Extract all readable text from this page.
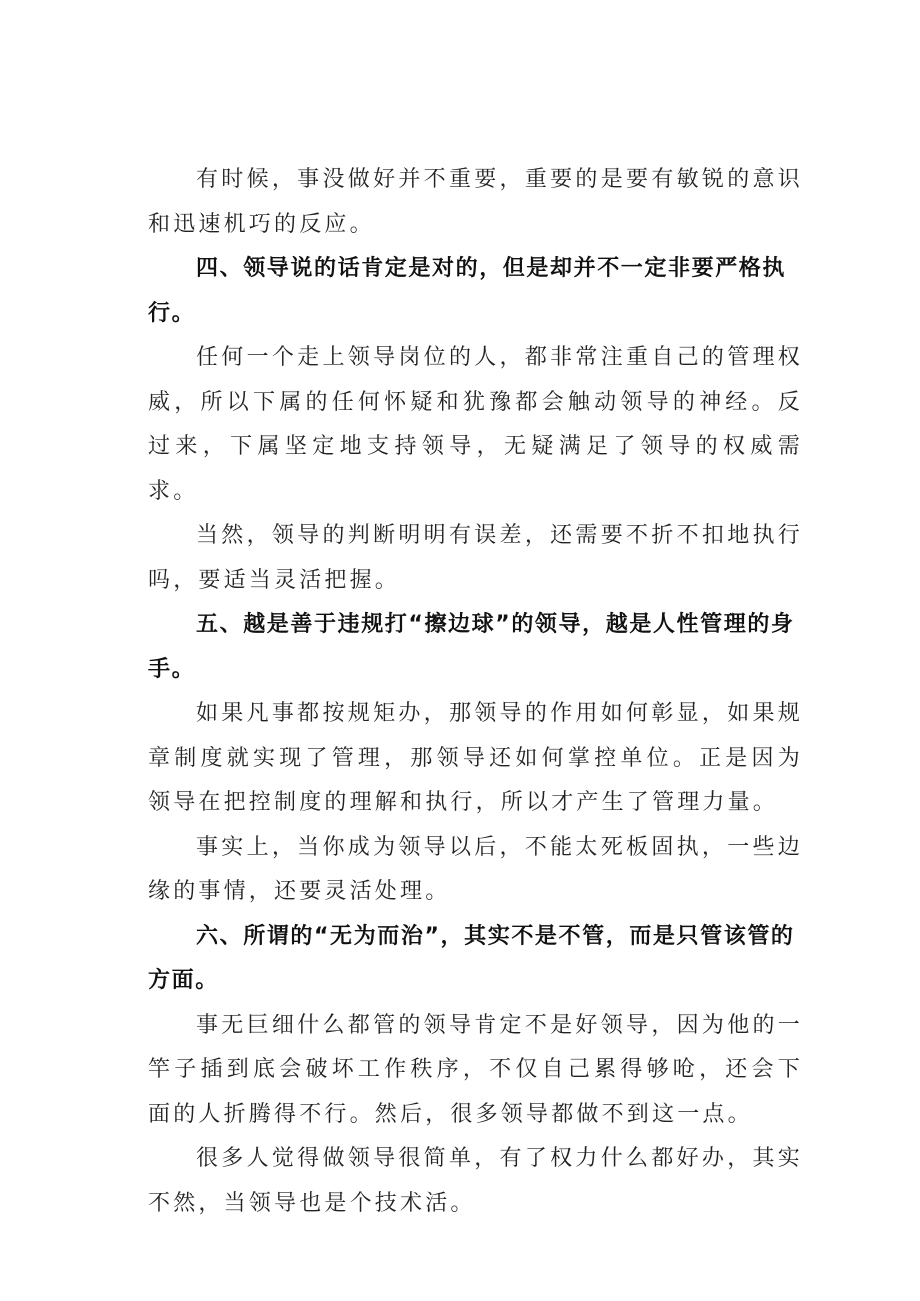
有时候，事没做好并不重要，重要的是要有敏锐的意识和迅速机巧的反应。

四、领导说的话肯定是对的，但是却并不一定非要严格执行。

任何一个走上领导岗位的人，都非常注重自己的管理权威，所以下属的任何怀疑和犹豫都会触动领导的神经。反过来，下属坚定地支持领导，无疑满足了领导的权威需求。

当然，领导的判断明明有误差，还需要不折不扣地执行吗，要适当灵活把握。

五、越是善于违规打“擦边球”的领导，越是人性管理的身手。

如果凡事都按规矩办，那领导的作用如何彰显，如果规章制度就实现了管理，那领导还如何掌控单位。正是因为领导在把控制度的理解和执行，所以才产生了管理力量。

事实上，当你成为领导以后，不能太死板固执，一些边缘的事情，还要灵活处理。

六、所谓的“无为而治”，其实不是不管，而是只管该管的方面。

事无巨细什么都管的领导肯定不是好领导，因为他的一竿子插到底会破坏工作秩序，不仅自己累得够呛，还会下面的人折腾得不行。然后，很多领导都做不到这一点。

很多人觉得做领导很简单，有了权力什么都好办，其实不然，当领导也是个技术活。
